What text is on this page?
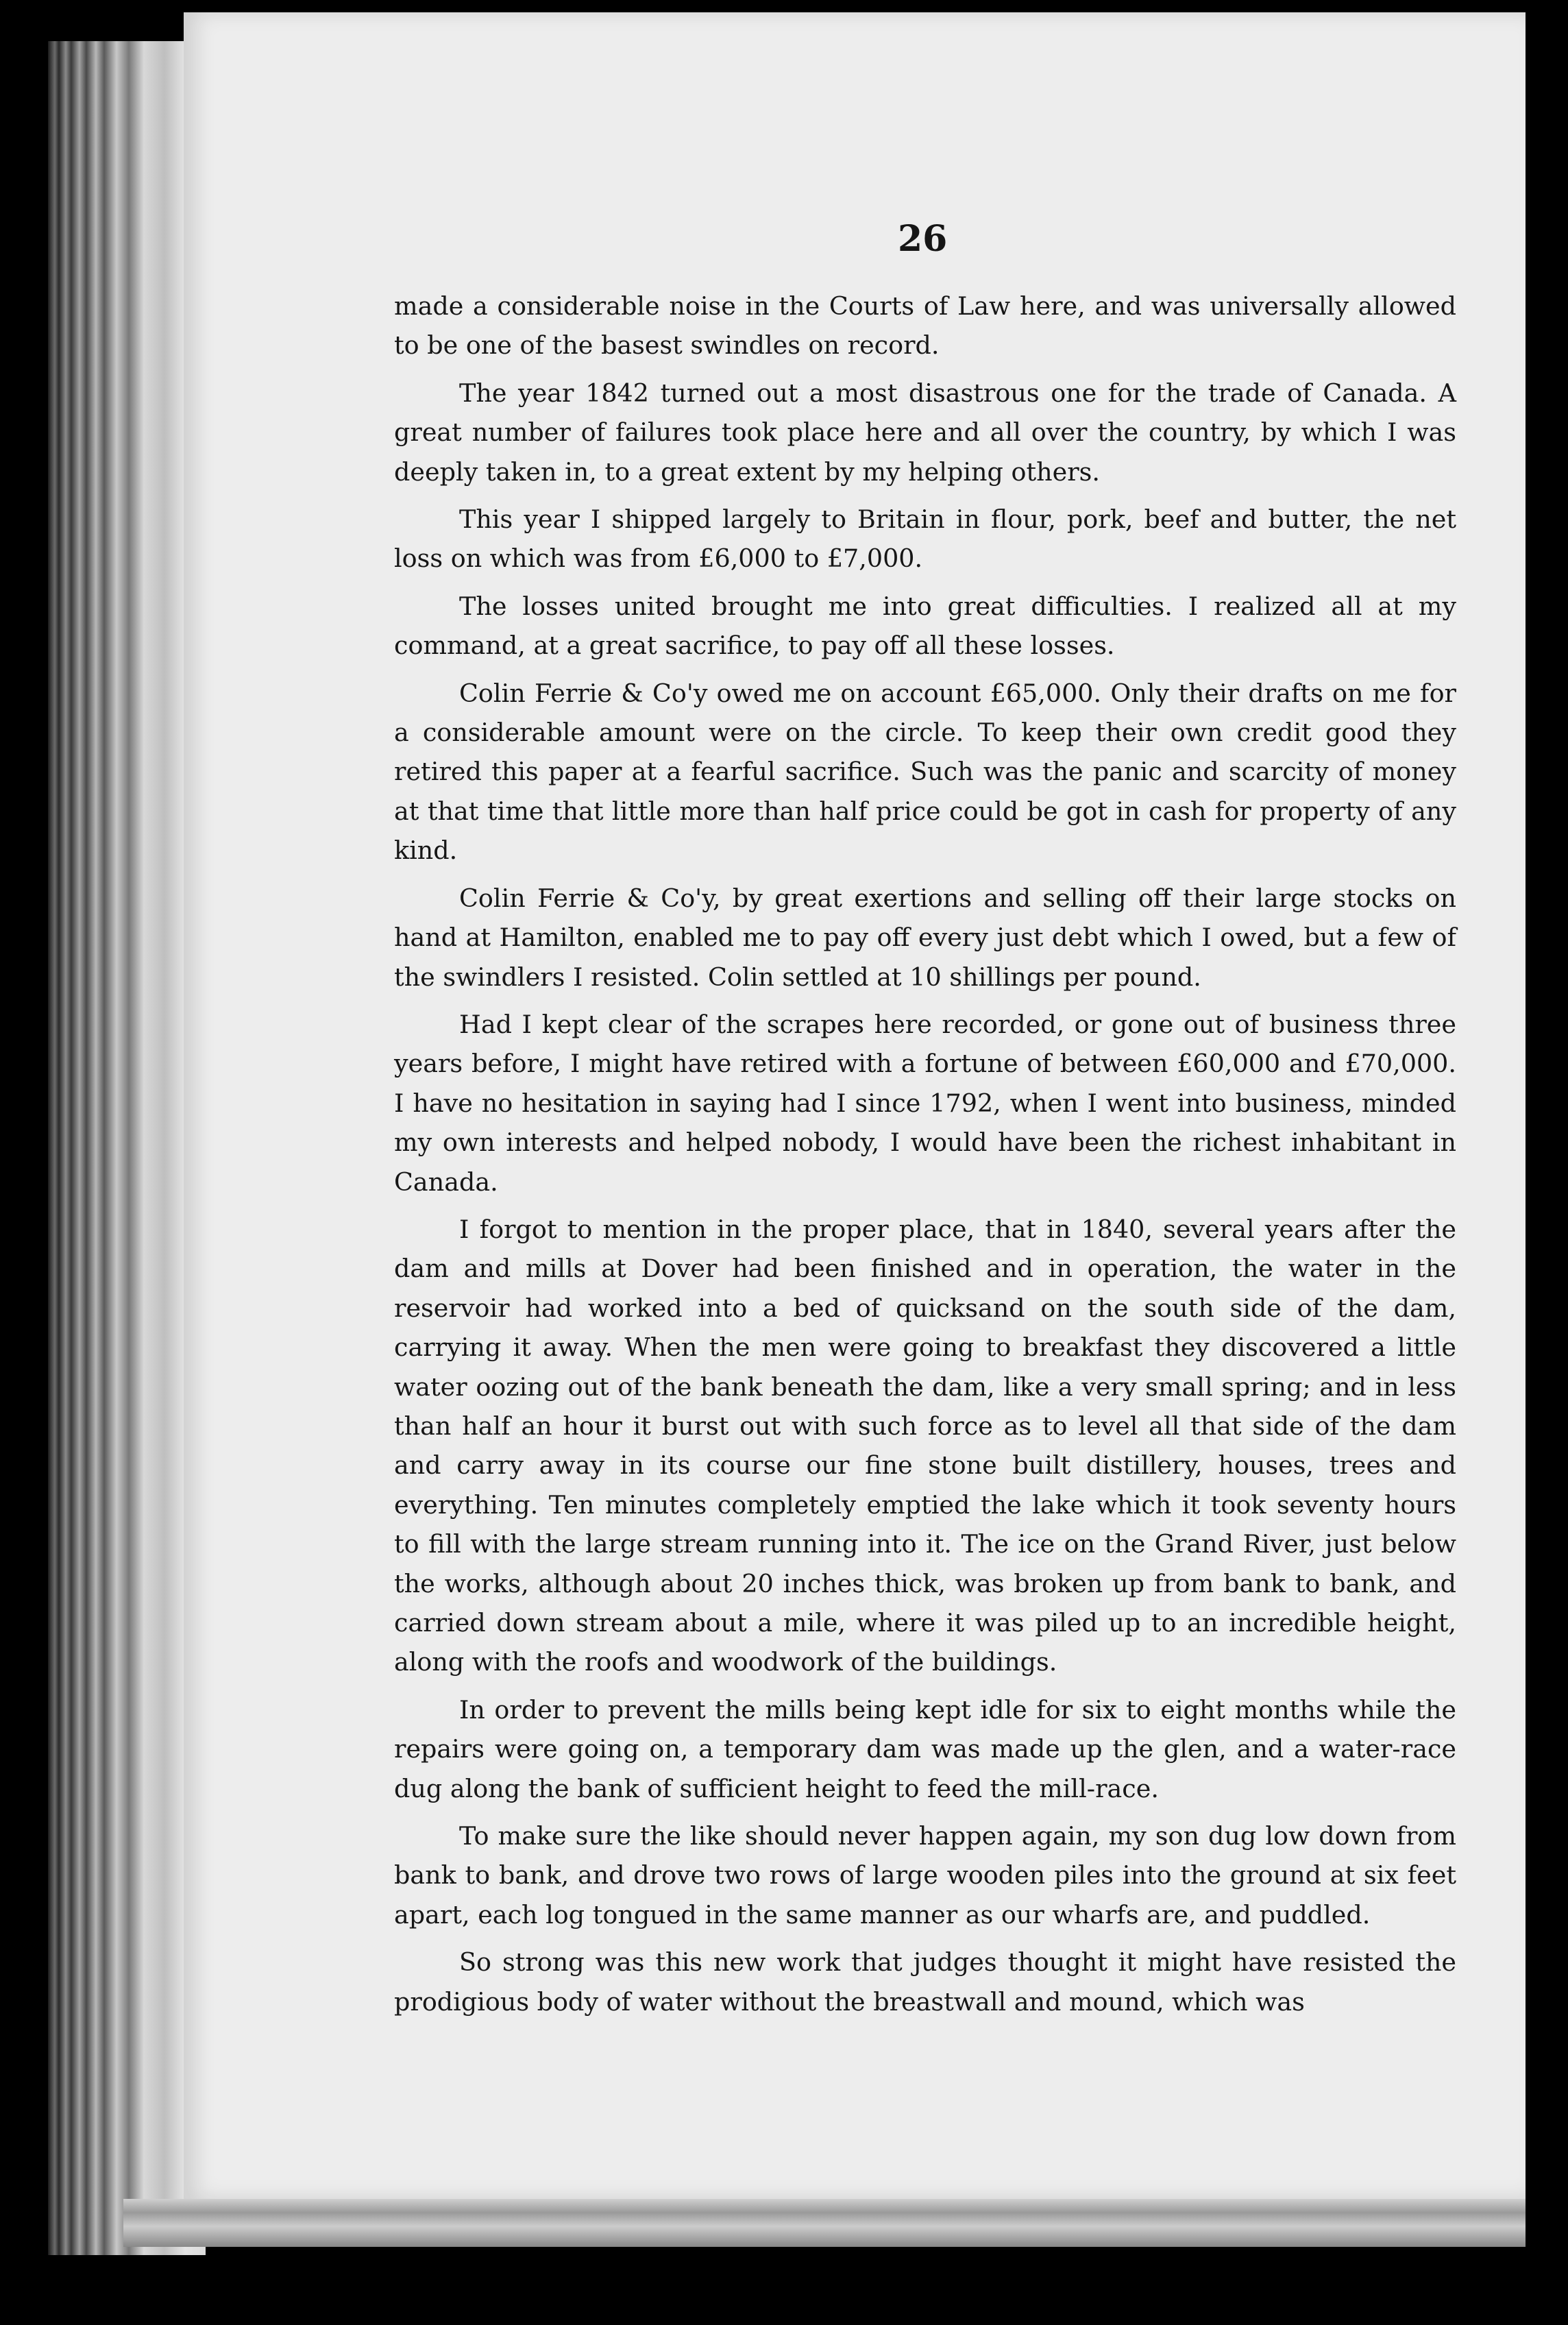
26

made a considerable noise in the Courts of Law here, and was universally allowed to be one of the basest swindles on record.

The year 1842 turned out a most disastrous one for the trade of Canada. A great number of failures took place here and all over the country, by which I was deeply taken in, to a great extent by my helping others.

This year I shipped largely to Britain in flour, pork, beef and butter, the net loss on which was from £6,000 to £7,000.

The losses united brought me into great difficulties. I realized all at my command, at a great sacrifice, to pay off all these losses.

Colin Ferrie & Co'y owed me on account £65,000. Only their drafts on me for a considerable amount were on the circle. To keep their own credit good they retired this paper at a fearful sacrifice. Such was the panic and scarcity of money at that time that little more than half price could be got in cash for property of any kind.

Colin Ferrie & Co'y, by great exertions and selling off their large stocks on hand at Hamilton, enabled me to pay off every just debt which I owed, but a few of the swindlers I resisted. Colin settled at 10 shillings per pound.

Had I kept clear of the scrapes here recorded, or gone out of business three years before, I might have retired with a fortune of between £60,000 and £70,000. I have no hesitation in saying had I since 1792, when I went into business, minded my own interests and helped nobody, I would have been the richest inhabitant in Canada.

I forgot to mention in the proper place, that in 1840, several years after the dam and mills at Dover had been finished and in operation, the water in the reservoir had worked into a bed of quicksand on the south side of the dam, carrying it away. When the men were going to breakfast they discovered a little water oozing out of the bank beneath the dam, like a very small spring; and in less than half an hour it burst out with such force as to level all that side of the dam and carry away in its course our fine stone built distillery, houses, trees and everything. Ten minutes completely emptied the lake which it took seventy hours to fill with the large stream running into it. The ice on the Grand River, just below the works, although about 20 inches thick, was broken up from bank to bank, and carried down stream about a mile, where it was piled up to an incredible height, along with the roofs and woodwork of the buildings.

In order to prevent the mills being kept idle for six to eight months while the repairs were going on, a temporary dam was made up the glen, and a water-race dug along the bank of sufficient height to feed the mill-race.

To make sure the like should never happen again, my son dug low down from bank to bank, and drove two rows of large wooden piles into the ground at six feet apart, each log tongued in the same manner as our wharfs are, and puddled.

So strong was this new work that judges thought it might have resisted the prodigious body of water without the breastwall and mound, which was
